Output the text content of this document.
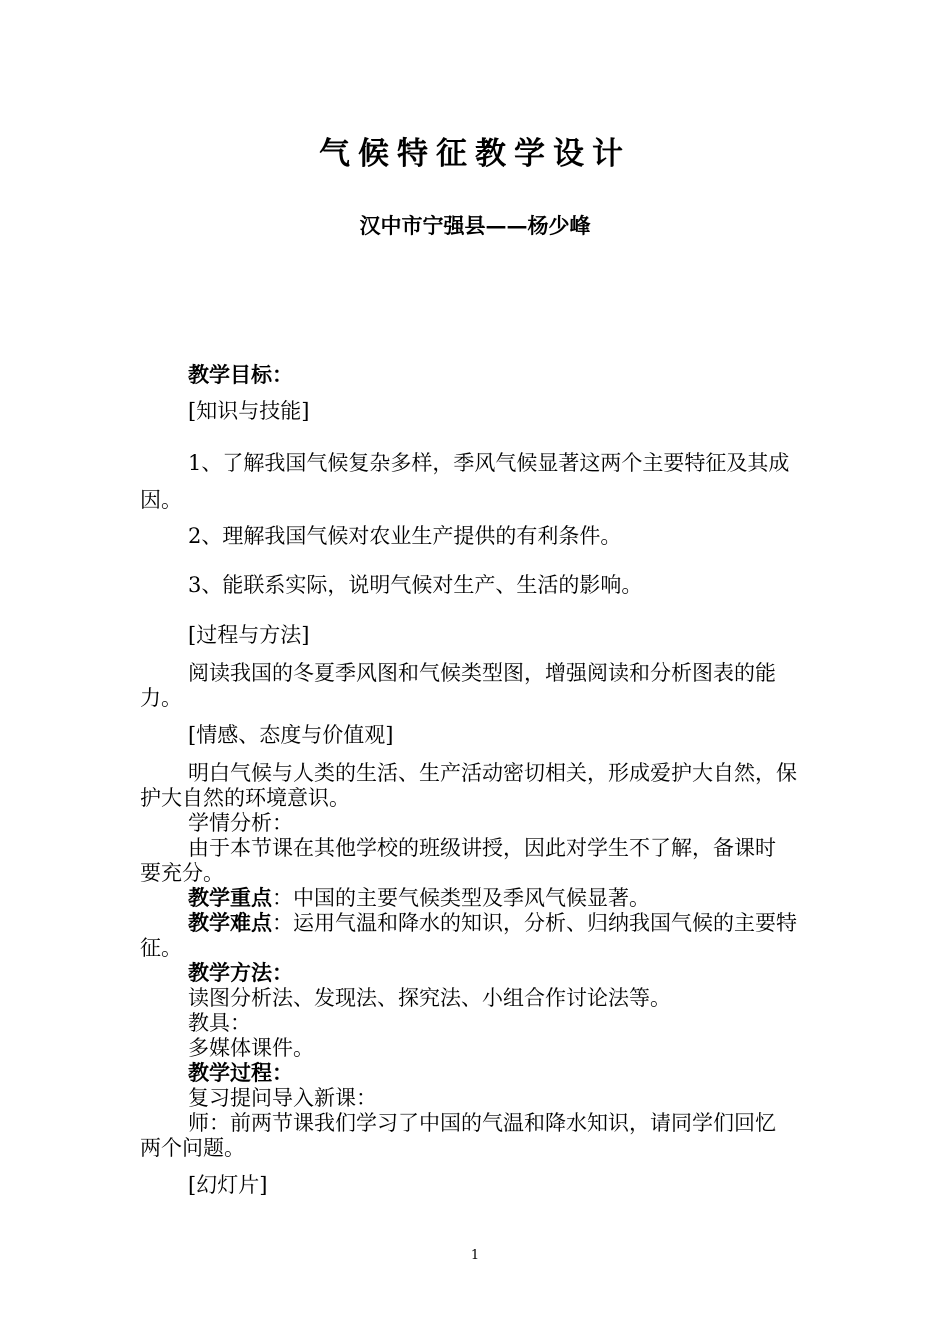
气候特征教学设计
汉中市宁强县——杨少峰
教学目标：
[知识与技能]
1、了解我国气候复杂多样，季风气候显著这两个主要特征及其成
因。
2、理解我国气候对农业生产提供的有利条件。
3、能联系实际，说明气候对生产、生活的影响。
[过程与方法]
阅读我国的冬夏季风图和气候类型图，增强阅读和分析图表的能
力。
[情感、态度与价值观]
明白气候与人类的生活、生产活动密切相关，形成爱护大自然，保
护大自然的环境意识。
学情分析：
由于本节课在其他学校的班级讲授，因此对学生不了解，备课时
要充分。
教学重点：中国的主要气候类型及季风气候显著。
教学难点：运用气温和降水的知识，分析、归纳我国气候的主要特
征。
教学方法：
读图分析法、发现法、探究法、小组合作讨论法等。
教具：
多媒体课件。
教学过程：
复习提问导入新课：
师：前两节课我们学习了中国的气温和降水知识，请同学们回忆
两个问题。
[幻灯片]
1
